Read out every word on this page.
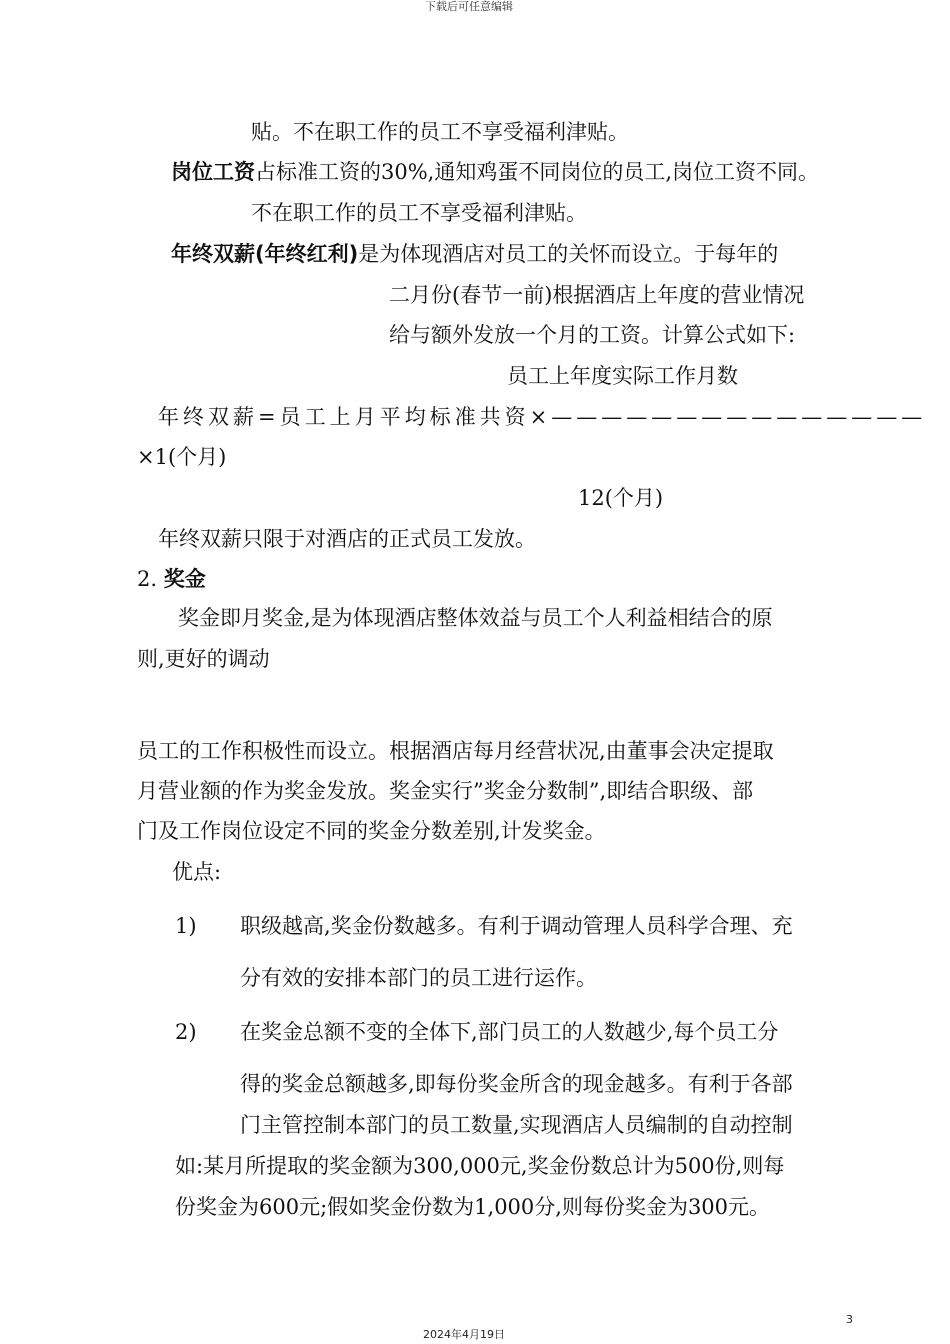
下载后可任意编辑
贴。不在职工作的员工不享受福利津贴。
岗位工资占标准工资的30%,通知鸡蛋不同岗位的员工,岗位工资不同。
不在职工作的员工不享受福利津贴。
年终双薪(年终红利)是为体现酒店对员工的关怀而设立。于每年的
二月份(春节一前)根据酒店上年度的营业情况
给与额外发放一个月的工资。计算公式如下:
员工上年度实际工作月数
年终双薪=员工上月平均标准共资×———————————————
×1(个月)
12(个月)
年终双薪只限于对酒店的正式员工发放。
2. 奖金
奖金即月奖金,是为体现酒店整体效益与员工个人利益相结合的原
则,更好的调动
员工的工作积极性而设立。根据酒店每月经营状况,由董事会决定提取
月营业额的作为奖金发放。奖金实行”奖金分数制”,即结合职级、部
门及工作岗位设定不同的奖金分数差别,计发奖金。
优点:
1) 职级越高,奖金份数越多。有利于调动管理人员科学合理、充
分有效的安排本部门的员工进行运作。
2) 在奖金总额不变的全体下,部门员工的人数越少,每个员工分
得的奖金总额越多,即每份奖金所含的现金越多。有利于各部
门主管控制本部门的员工数量,实现酒店人员编制的自动控制
如:某月所提取的奖金额为300,000元,奖金份数总计为500份,则每
份奖金为600元;假如奖金份数为1,000分,则每份奖金为300元。
3
2024年4月19日
